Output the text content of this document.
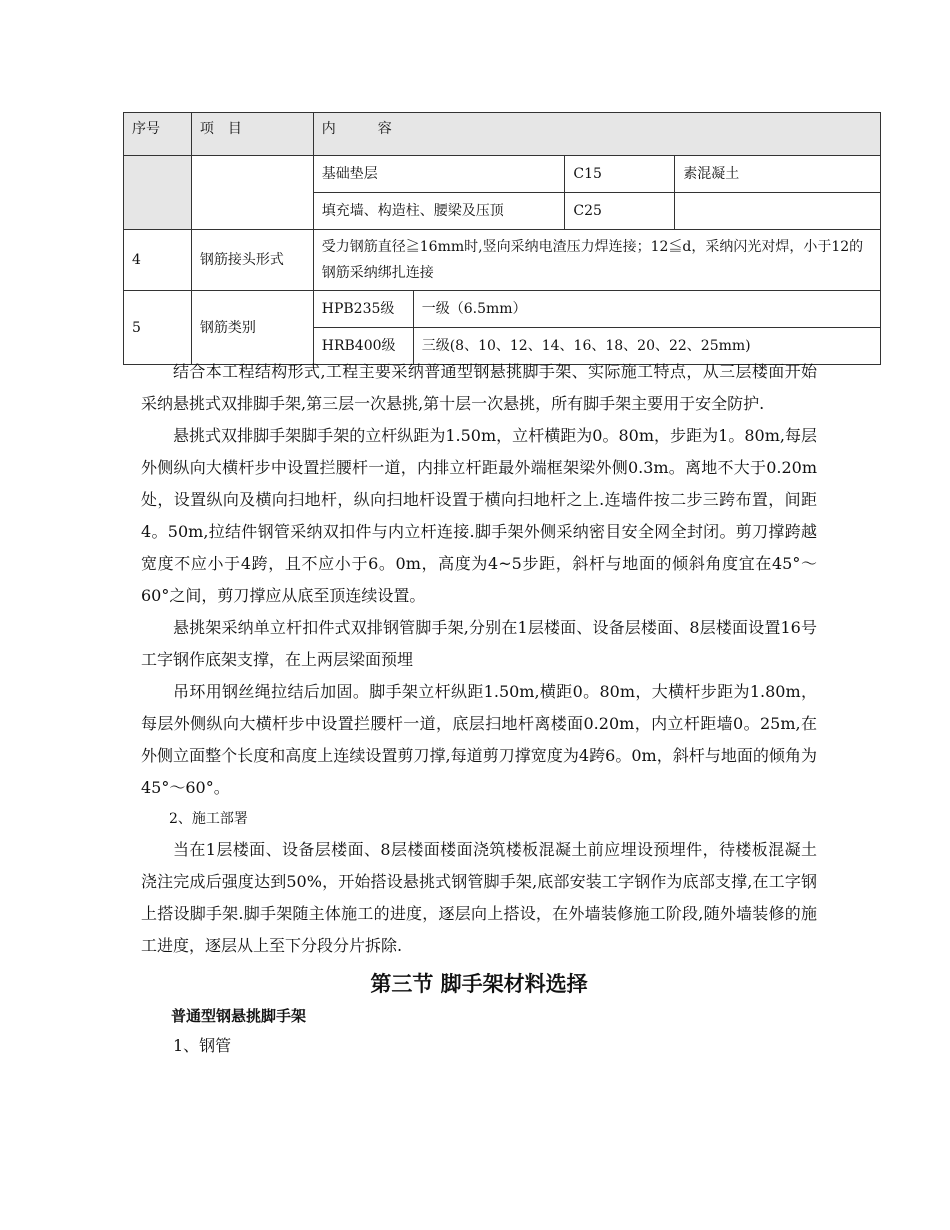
序号	项　目	内　　　容			
		基础垫层		C15	素混凝土
		填充墙、构造柱、腰梁及压顶		C25	
4	钢筋接头形式	受力钢筋直径≧16mm时,竖向采纳电渣压力焊连接；12≦d，采纳闪光对焊，小于12的钢筋采纳绑扎连接			
5	钢筋类别	HPB235级	一级（6.5mm）		
		HRB400级	三级(8、10、12、14、16、18、20、22、25mm)		

结合本工程结构形式,工程主要采纳普通型钢悬挑脚手架、实际施工特点，从三层楼面开始采纳悬挑式双排脚手架,第三层一次悬挑,第十层一次悬挑，所有脚手架主要用于安全防护.

悬挑式双排脚手架脚手架的立杆纵距为1.50m，立杆横距为0。80m，步距为1。80m,每层外侧纵向大横杆步中设置拦腰杆一道，内排立杆距最外端框架梁外侧0.3m。离地不大于0.20m处，设置纵向及横向扫地杆，纵向扫地杆设置于横向扫地杆之上.连墙件按二步三跨布置，间距4。50m,拉结件钢管采纳双扣件与内立杆连接.脚手架外侧采纳密目安全网全封闭。剪刀撑跨越宽度不应小于4跨，且不应小于6。0m，高度为4~5步距，斜杆与地面的倾斜角度宜在45°～60°之间，剪刀撑应从底至顶连续设置。

悬挑架采纳单立杆扣件式双排钢管脚手架,分别在1层楼面、设备层楼面、8层楼面设置16号工字钢作底架支撑，在上两层梁面预埋

吊环用钢丝绳拉结后加固。脚手架立杆纵距1.50m,横距0。80m，大横杆步距为1.80m，每层外侧纵向大横杆步中设置拦腰杆一道，底层扫地杆离楼面0.20m，内立杆距墙0。25m,在外侧立面整个长度和高度上连续设置剪刀撑,每道剪刀撑宽度为4跨6。0m，斜杆与地面的倾角为45°～60°。

2、施工部署

当在1层楼面、设备层楼面、8层楼面楼面浇筑楼板混凝土前应埋设预埋件，待楼板混凝土浇注完成后强度达到50%，开始搭设悬挑式钢管脚手架,底部安装工字钢作为底部支撑,在工字钢上搭设脚手架.脚手架随主体施工的进度，逐层向上搭设，在外墙装修施工阶段,随外墙装修的施工进度，逐层从上至下分段分片拆除.

第三节 脚手架材料选择

普通型钢悬挑脚手架

1、钢管
